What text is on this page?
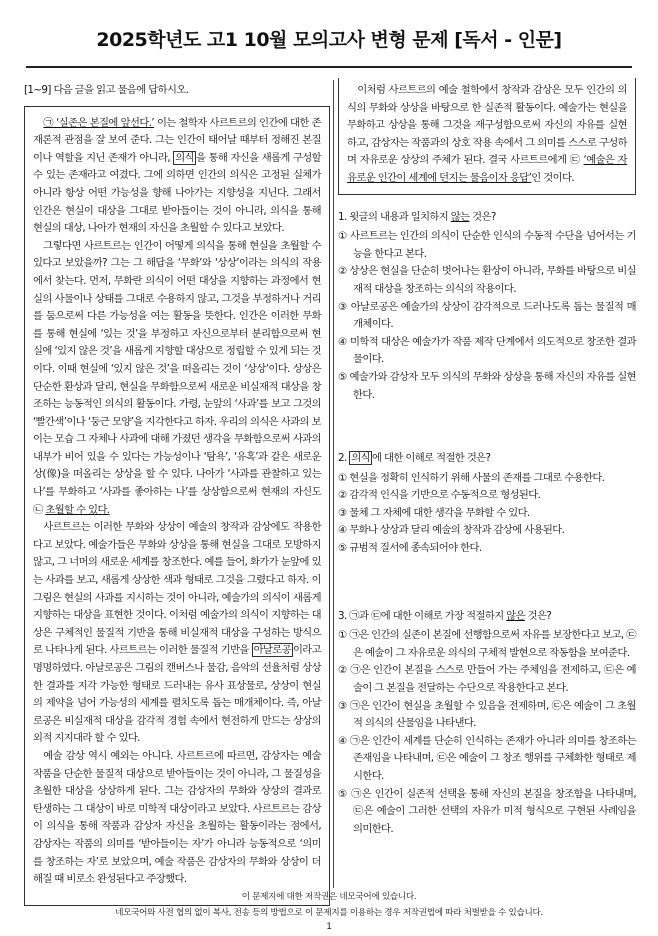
2025학년도 고1 10월 모의고사 변형 문제 [독서 - 인문]

[1~9] 다음 글을 읽고 물음에 답하시오.

㉠ ‘실존은 본질에 앞선다.’ 이는 철학자 사르트르의 인간에 대한 존재론적 관점을 잘 보여 준다. 그는 인간이 태어날 때부터 정해진 본질이나 역할을 지닌 존재가 아니라, 의식 을 통해 자신을 새롭게 구성할 수 있는 존재라고 여겼다. 그에 의하면 인간의 의식은 고정된 실체가 아니라 항상 어떤 가능성을 향해 나아가는 지향성을 지닌다. 그래서 인간은 현실이 대상을 그대로 받아들이는 것이 아니라, 의식을 통해 현실의 대상, 나아가 현재의 자신을 초월할 수 있다고 보았다.

그렇다면 사르트르는 인간이 어떻게 의식을 통해 현실을 초월할 수 있다고 보았을까? 그는 그 해답을 ‘무화’와 ‘상상’이라는 의식의 작용에서 찾는다. 먼저, 무화란 의식이 어떤 대상을 지향하는 과정에서 현실의 사물이나 상태를 그대로 수용하지 않고, 그것을 부정하거나 거리를 둠으로써 다른 가능성을 여는 활동을 뜻한다. 인간은 이러한 무화를 통해 현실에 ‘있는 것’을 부정하고 자신으로부터 분리함으로써 현실에 ‘있지 않은 것’을 새롭게 지향할 대상으로 정립할 수 있게 되는 것이다. 이때 현실에 ‘있지 않은 것’을 떠올리는 것이 ‘상상’이다. 상상은 단순한 환상과 달리, 현실을 무화함으로써 새로운 비실재적 대상을 창조하는 능동적인 의식의 활동이다. 가령, 눈앞의 ‘사과’를 보고 그것의 ‘빨간색’이나 ‘둥근 모양’을 지각한다고 하자. 우리의 의식은 사과의 보이는 모습 그 자체나 사과에 대해 가졌던 생각을 무화함으로써 사과의 내부가 비어 있을 수 있다는 가능성이나 ‘탐욕’, ‘유혹’과 같은 새로운 상(像)을 떠올리는 상상을 할 수 있다. 나아가 ‘사과를 관찰하고 있는 나’를 무화하고 ‘사과를 좋아하는 나’를 상상함으로써 현재의 자신도 ㉡ 초월할 수 있다.

사르트르는 이러한 무화와 상상이 예술의 창작과 감상에도 작용한다고 보았다. 예술가들은 무화와 상상을 통해 현실을 그대로 모방하지 않고, 그 너머의 새로운 세계를 창조한다. 예를 들어, 화가가 눈앞에 있는 사과를 보고, 새롭게 상상한 색과 형태로 그것을 그렸다고 하자. 이 그림은 현실의 사과를 지시하는 것이 아니라, 예술가의 의식이 새롭게 지향하는 대상을 표현한 것이다. 이처럼 예술가의 의식이 지향하는 대상은 구체적인 물질적 기반을 통해 비실재적 대상을 구성하는 방식으로 나타나게 된다. 사르트르는 이러한 물질적 기반을 아날로공 이라고 명명하였다. 아날로공은 그림의 캔버스나 물감, 음악의 선율처럼 상상한 결과를 지각 가능한 형태로 드러내는 유사 표상물로, 상상이 현실의 제약을 넘어 가능성의 세계를 펼치도록 돕는 매개체이다. 즉, 아날로공은 비실재적 대상을 감각적 경험 속에서 현전하게 만드는 상상의 외적 지지대라 할 수 있다.

예술 감상 역시 예외는 아니다. 사르트르에 따르면, 감상자는 예술 작품을 단순한 물질적 대상으로 받아들이는 것이 아니라, 그 물질성을 초월한 대상을 상상하게 된다. 그는 감상자의 무화와 상상의 결과로 탄생하는 그 대상이 바로 미학적 대상이라고 보았다. 사르트르는 감상이 의식을 통해 작품과 감상자 자신을 초월하는 활동이라는 점에서, 감상자는 작품의 의미를 ‘받아들이는 자’가 아니라 능동적으로 ‘의미를 창조하는 자’로 보았으며, 예술 작품은 감상자의 무화와 상상이 더해질 때 비로소 완성된다고 주장했다.

이처럼 사르트르의 예술 철학에서 창작과 감상은 모두 인간의 의식의 무화와 상상을 바탕으로 한 실존적 활동이다. 예술가는 현실을 무화하고 상상을 통해 그것을 재구성함으로써 자신의 자유를 실현하고, 감상자는 작품과의 상호 작용 속에서 그 의미를 스스로 구성하며 자유로운 상상의 주체가 된다. 결국 사르트르에게 ㉢ ‘예술은 자유로운 인간이 세계에 던지는 물음이자 응답’인 것이다.

1. 윗글의 내용과 일치하지 않는 것은?

① 사르트르는 인간의 의식이 단순한 인식의 수동적 수단을 넘어서는 기능을 한다고 본다.

② 상상은 현실을 단순히 벗어나는 환상이 아니라, 무화를 바탕으로 비실재적 대상을 창조하는 의식의 작용이다.

③ 아날로공은 예술가의 상상이 감각적으로 드러나도록 돕는 물질적 매개체이다.

④ 미학적 대상은 예술가가 작품 제작 단계에서 의도적으로 창조한 결과물이다.

⑤ 예술가와 감상자 모두 의식의 무화와 상상을 통해 자신의 자유를 실현한다.

2. 의식 에 대한 이해로 적절한 것은?

① 현실을 정확히 인식하기 위해 사물의 존재를 그대로 수용한다.

② 감각적 인식을 기반으로 수동적으로 형성된다.

③ 물체 그 자체에 대한 생각을 무화할 수 있다.

④ 무화나 상상과 달리 예술의 창작과 감상에 사용된다.

⑤ 규범적 질서에 종속되어야 한다.

3. ㉠과 ㉢에 대한 이해로 가장 적절하지 않은 것은?

① ㉠은 인간의 실존이 본질에 선행함으로써 자유를 보장한다고 보고, ㉢은 예술이 그 자유로운 의식의 구체적 발현으로 작동함을 보여준다.

② ㉠은 인간이 본질을 스스로 만들어 가는 주체임을 전제하고, ㉢은 예술이 그 본질을 전달하는 수단으로 작용한다고 본다.

③ ㉠은 인간이 현실을 초월할 수 있음을 전제하며, ㉢은 예술이 그 초월적 의식의 산물임을 나타낸다.

④ ㉠은 인간이 세계를 단순히 인식하는 존재가 아니라 의미를 창조하는 존재임을 나타내며, ㉢은 예술이 그 창조 행위를 구체화한 형태로 제시한다.

⑤ ㉠은 인간이 실존적 선택을 통해 자신의 본질을 창조함을 나타내며, ㉢은 예술이 그러한 선택의 자유가 미적 형식으로 구현된 사례임을 의미한다.

이 문제지에 대한 저작권은 네모국어에 있습니다.
네모국어와 사전 협의 없이 복사, 전송 등의 방법으로 이 문제지를 이용하는 경우 저작권법에 따라 처벌받을 수 있습니다.
1
